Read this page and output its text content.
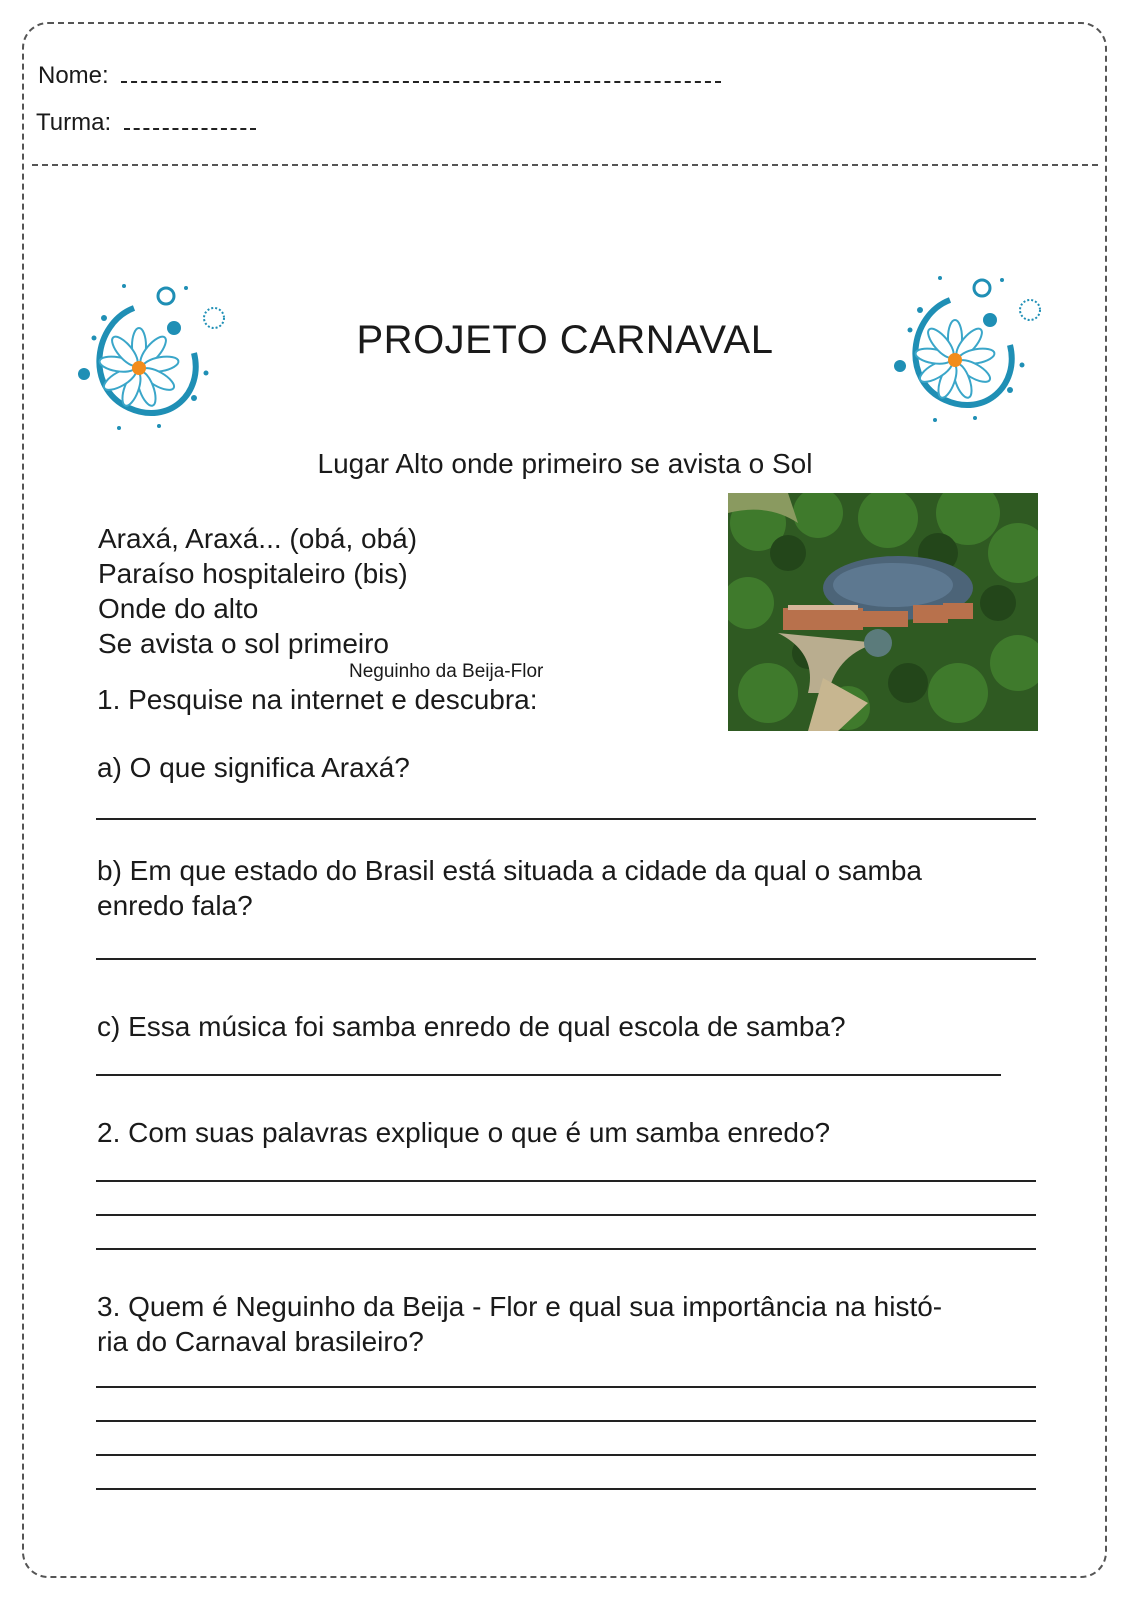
Nome:
Turma:
PROJETO CARNAVAL
Lugar Alto onde primeiro se avista o Sol
Araxá, Araxá... (obá, obá)
Paraíso hospitaleiro (bis)
Onde do alto
Se avista o sol primeiro
Neguinho da Beija-Flor
1. Pesquise na internet e descubra:
a) O que significa Araxá?
b) Em que estado do Brasil está situada a cidade da qual o samba
enredo fala?
c) Essa música foi samba enredo de qual escola de samba?
2. Com suas palavras explique o que é um samba enredo?
3. Quem é Neguinho da Beija - Flor e qual sua importância na histó-
ria do Carnaval brasileiro?
